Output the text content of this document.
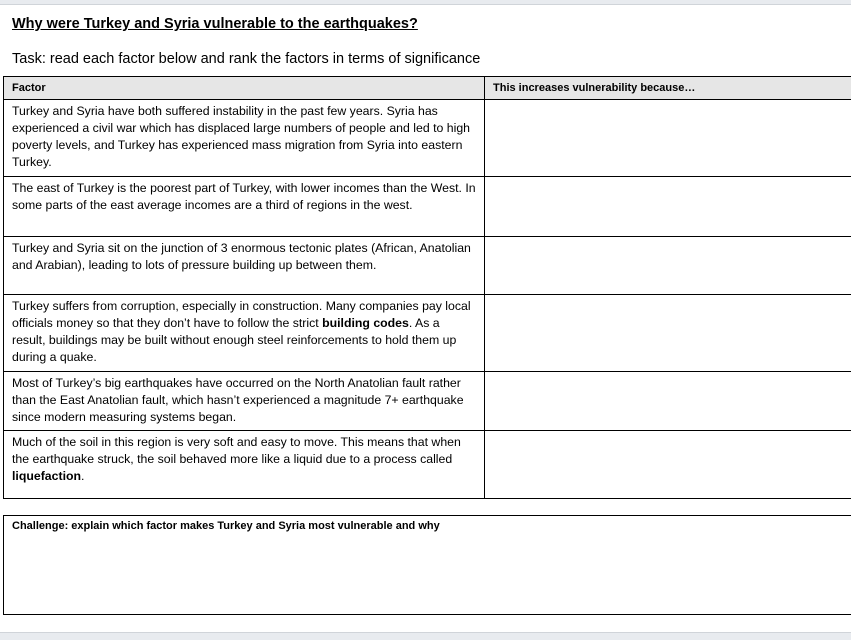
Why were Turkey and Syria vulnerable to the earthquakes?
Task: read each factor below and rank the factors in terms of significance
Factor	This increases vulnerability because…
Turkey and Syria have both suffered instability in the past few years. Syria has experienced a civil war which has displaced large numbers of people and led to high poverty levels, and Turkey has experienced mass migration from Syria into eastern Turkey.	
The east of Turkey is the poorest part of Turkey, with lower incomes than the West. In some parts of the east average incomes are a third of regions in the west.	
Turkey and Syria sit on the junction of 3 enormous tectonic plates (African, Anatolian and Arabian), leading to lots of pressure building up between them.	
Turkey suffers from corruption, especially in construction. Many companies pay local officials money so that they don’t have to follow the strict building codes. As a result, buildings may be built without enough steel reinforcements to hold them up during a quake.	
Most of Turkey’s big earthquakes have occurred on the North Anatolian fault rather than the East Anatolian fault, which hasn’t experienced a magnitude 7+ earthquake since modern measuring systems began.	
Much of the soil in this region is very soft and easy to move. This means that when the earthquake struck, the soil behaved more like a liquid due to a process called liquefaction.	
Challenge: explain which factor makes Turkey and Syria most vulnerable and why
